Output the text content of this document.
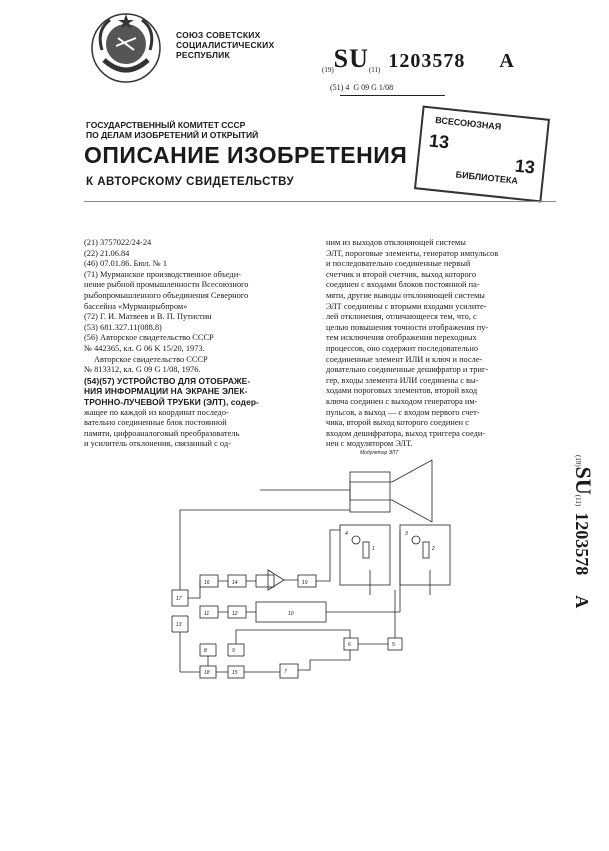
СОЮЗ СОВЕТСКИХ
СОЦИАЛИСТИЧЕСКИХ
РЕСПУБЛИК
(19)SU(11) 1203578 A
(51) 4 G 09 G 1/08
ГОСУДАРСТВЕННЫЙ КОМИТЕТ СССР
ПО ДЕЛАМ ИЗОБРЕТЕНИЙ И ОТКРЫТИЙ
ОПИСАНИЕ ИЗОБРЕТЕНИЯ
К АВТОРСКОМУ СВИДЕТЕЛЬСТВУ
ВСЕСОЮЗНАЯ
13
13
БИБЛИОТЕКА
(21) 3757022/24-24
(22) 21.06.84
(46) 07.01.86. Бюл. № 1
(71) Мурманское производственное объеди-
нение рыбной промышленности Всесоюзного
рыбопромышленного объединения Северного
бассейна «Мурманрыбпром»
(72) Г. И. Матвеев и В. П. Путистин
(53) 681.327.11(088.8)
(56) Авторское свидетельство СССР
№ 442365, кл. G 06 K 15/20, 1973.
Авторское свидетельство СССР
№ 813312, кл. G 09 G 1/08, 1976.
(54)(57) УСТРОЙСТВО ДЛЯ ОТОБРАЖЕ-
НИЯ ИНФОРМАЦИИ НА ЭКРАНЕ ЭЛЕК-
ТРОННО-ЛУЧЕВОЙ ТРУБКИ (ЭЛТ), содер-
жащее по каждой из координат последо-
вательно соединенные блок постоянной
памяти, цифроаналоговый преобразователь
и усилитель отклонения, связанный с од-
ним из выходов отклоняющей системы
ЭЛТ, пороговые элементы, генератор импульсов
и последовательно соединенные первый
счетчик и второй счетчик, выход которого
соединен с входами блоков постоянной па-
мяти, другие выводы отклоняющей системы
ЭЛТ соединены с вторыми входами усилите-
лей отклонения, отличающееся тем, что, с
целью повышения точности отображения пу-
тем исключения отображения переходных
процессов, оно содержит последовательно
соединенные элемент ИЛИ и ключ и после-
довательно соединенные дешифратор и триг-
гер, входы элемента ИЛИ соединены с вы-
ходами пороговых элементов, второй вход
ключа соединен с выходом генератора им-
пульсов, а выход — с входом первого счет-
чика, второй выход которого соединен с
входом дешифратора, выход триггера соеди-
нен с модулятором ЭЛТ.
(19)SU(11)1203578A
Модулятор ЭЛТ
16	14	19
11	12	10
17
13
6	5
7
8	9
4	3
1	2
18	15
